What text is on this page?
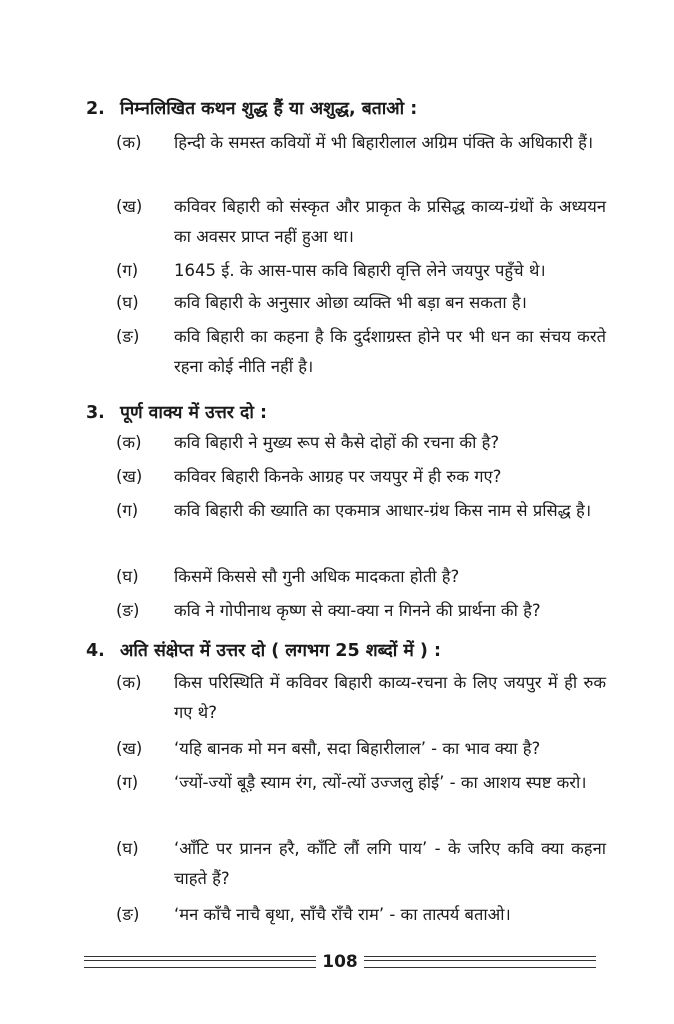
2. निम्नलिखित कथन शुद्ध हैं या अशुद्ध, बताओ :
(क)	हिन्दी के समस्त कवियों में भी बिहारीलाल अग्रिम पंक्ति के अधिकारी हैं।
(ख)	कविवर बिहारी को संस्कृत और प्राकृत के प्रसिद्ध काव्य-ग्रंथों के अध्ययन का अवसर प्राप्त नहीं हुआ था।
(ग)	1645 ई. के आस-पास कवि बिहारी वृत्ति लेने जयपुर पहुँचे थे।
(घ)	कवि बिहारी के अनुसार ओछा व्यक्ति भी बड़ा बन सकता है।
(ङ)	कवि बिहारी का कहना है कि दुर्दशाग्रस्त होने पर भी धन का संचय करते रहना कोई नीति नहीं है।
3. पूर्ण वाक्य में उत्तर दो :
(क)	कवि बिहारी ने मुख्य रूप से कैसे दोहों की रचना की है?
(ख)	कविवर बिहारी किनके आग्रह पर जयपुर में ही रुक गए?
(ग)	कवि बिहारी की ख्याति का एकमात्र आधार-ग्रंथ किस नाम से प्रसिद्ध है।
(घ)	किसमें किससे सौ गुनी अधिक मादकता होती है?
(ङ)	कवि ने गोपीनाथ कृष्ण से क्या-क्या न गिनने की प्रार्थना की है?
4. अति संक्षेप्त में उत्तर दो ( लगभग 25 शब्दों में ) :
(क)	किस परिस्थिति में कविवर बिहारी काव्य-रचना के लिए जयपुर में ही रुक गए थे?
(ख)	‘यहि बानक मो मन बसौ, सदा बिहारीलाल’ - का भाव क्या है?
(ग)	‘ज्यों-ज्यों बूड़ै स्याम रंग, त्यों-त्यों उज्जलु होई’ - का आशय स्पष्ट करो।
(घ)	‘आँटि पर प्रानन हरै, काँटि लौं लगि पाय’ - के जरिए कवि क्या कहना चाहते हैं?
(ङ)	‘मन काँचै नाचै बृथा, साँचै राँचै राम’ - का तात्पर्य बताओ।
108
